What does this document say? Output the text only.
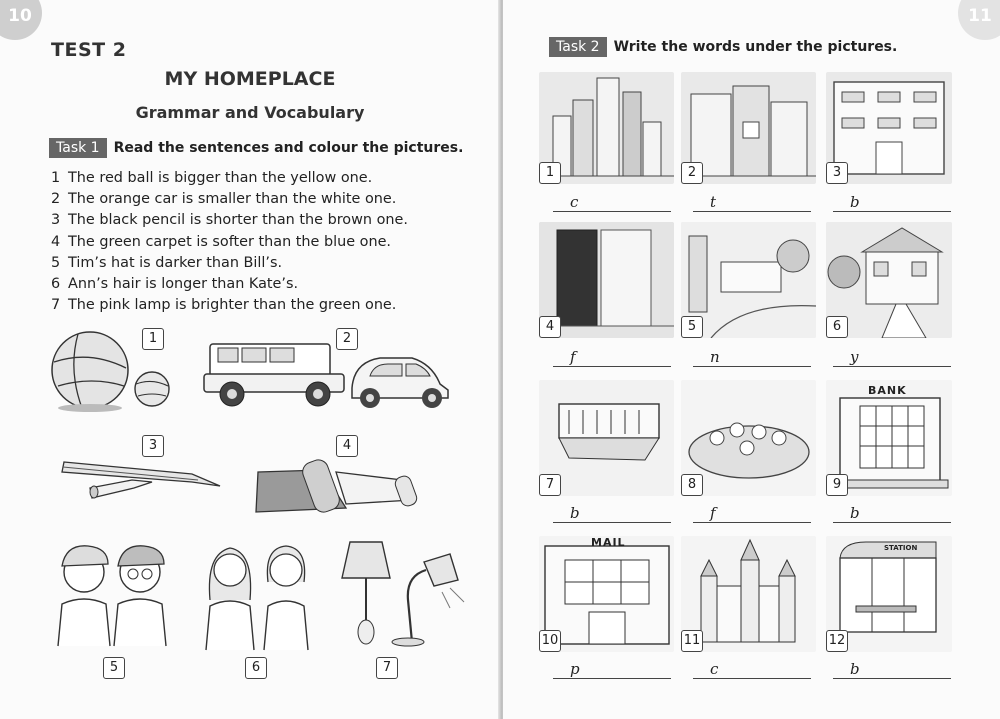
10
TEST 2
MY HOMEPLACE
Grammar and Vocabulary
Task 1	Read the sentences and colour the pictures.
1 The red ball is bigger than the yellow one.
2 The orange car is smaller than the white one.
3 The black pencil is shorter than the brown one.
4 The green carpet is softer than the blue one.
5 Tim’s hat is darker than Bill’s.
6 Ann’s hair is longer than Kate’s.
7 The pink lamp is brighter than the green one.
1	2
3	4
5	6	7
11
Task 2	Write the words under the pictures.
1	2	3
4	5	6
7	8
BANK
9
MAIL
10	11
STATION
12
c	t	b
f	n	y
b	f	b
p	c	b
